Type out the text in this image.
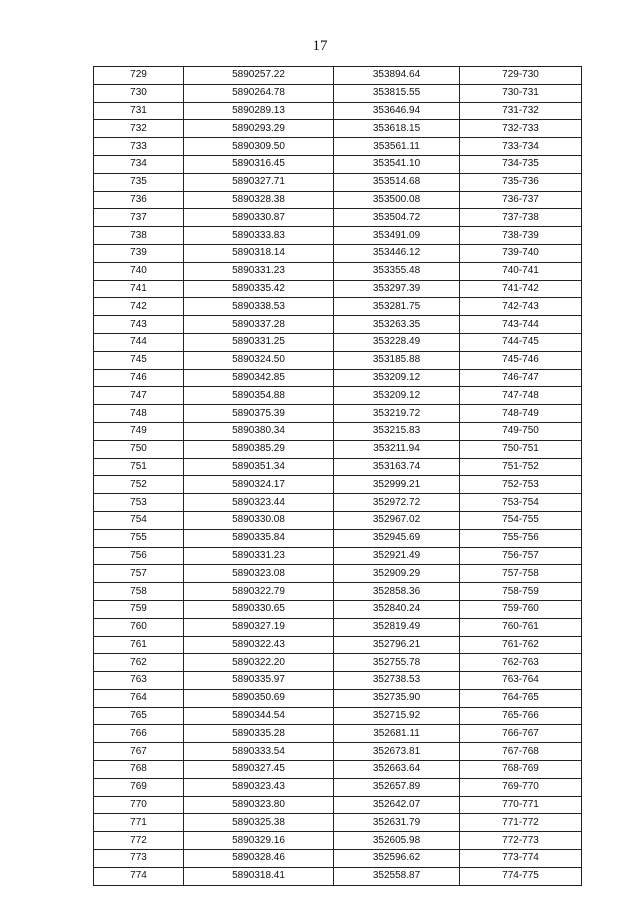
17
729	5890257.22	353894.64	729-730
730	5890264.78	353815.55	730-731
731	5890289.13	353646.94	731-732
732	5890293.29	353618.15	732-733
733	5890309.50	353561.11	733-734
734	5890316.45	353541.10	734-735
735	5890327.71	353514.68	735-736
736	5890328.38	353500.08	736-737
737	5890330.87	353504.72	737-738
738	5890333.83	353491.09	738-739
739	5890318.14	353446.12	739-740
740	5890331.23	353355.48	740-741
741	5890335.42	353297.39	741-742
742	5890338.53	353281.75	742-743
743	5890337.28	353263.35	743-744
744	5890331.25	353228.49	744-745
745	5890324.50	353185.88	745-746
746	5890342.85	353209.12	746-747
747	5890354.88	353209.12	747-748
748	5890375.39	353219.72	748-749
749	5890380.34	353215.83	749-750
750	5890385.29	353211.94	750-751
751	5890351.34	353163.74	751-752
752	5890324.17	352999.21	752-753
753	5890323.44	352972.72	753-754
754	5890330.08	352967.02	754-755
755	5890335.84	352945.69	755-756
756	5890331.23	352921.49	756-757
757	5890323.08	352909.29	757-758
758	5890322.79	352858.36	758-759
759	5890330.65	352840.24	759-760
760	5890327.19	352819.49	760-761
761	5890322.43	352796.21	761-762
762	5890322.20	352755.78	762-763
763	5890335.97	352738.53	763-764
764	5890350.69	352735.90	764-765
765	5890344.54	352715.92	765-766
766	5890335.28	352681.11	766-767
767	5890333.54	352673.81	767-768
768	5890327.45	352663.64	768-769
769	5890323.43	352657.89	769-770
770	5890323.80	352642.07	770-771
771	5890325.38	352631.79	771-772
772	5890329.16	352605.98	772-773
773	5890328.46	352596.62	773-774
774	5890318.41	352558.87	774-775
